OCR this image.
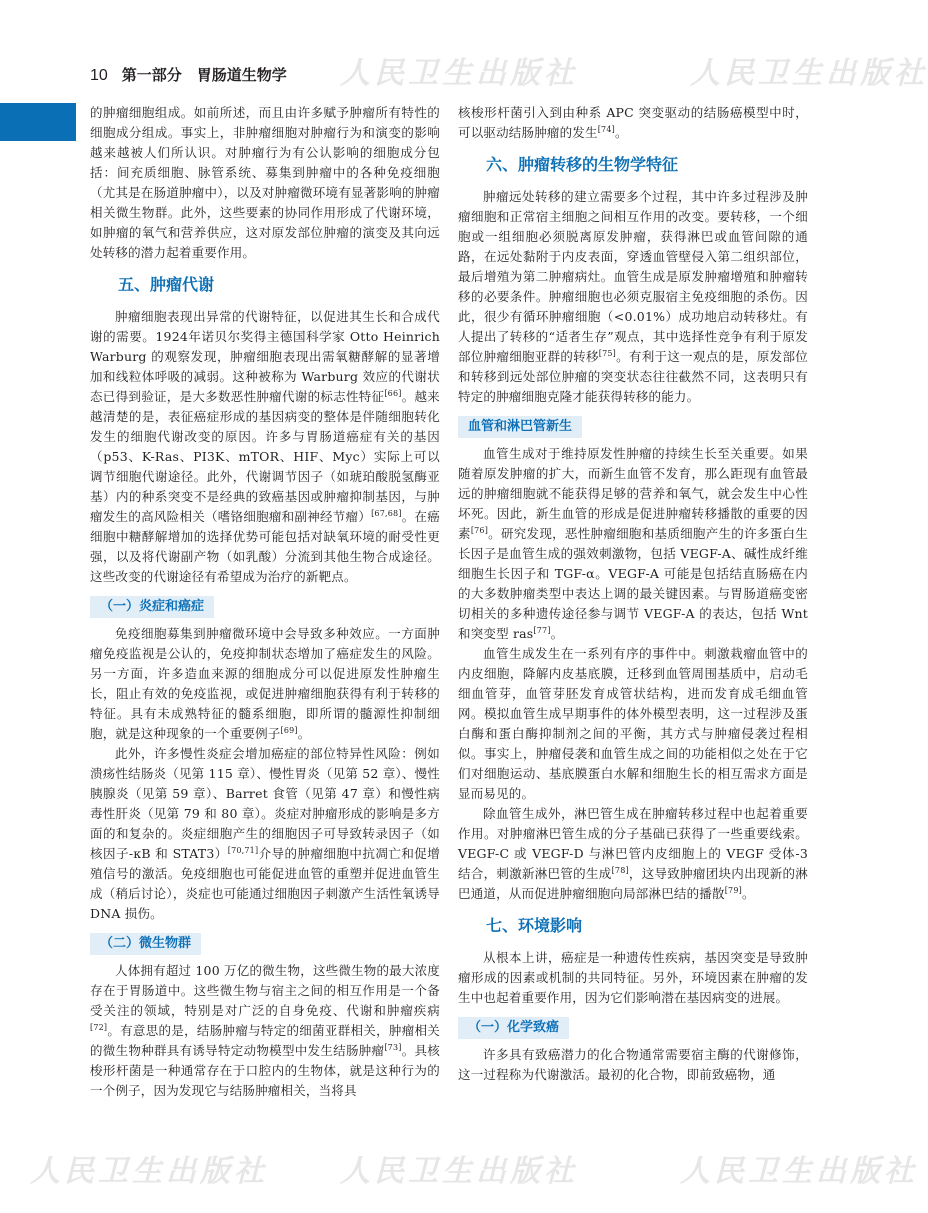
10 第一部分　胃肠道生物学 人民卫生出版社	人民卫生出版社
人民卫生出版社 人民卫生出版社	人民卫生出版社

的肿瘤细胞组成。如前所述，而且由许多赋予肿瘤所有特性的细胞成分组成。事实上，非肿瘤细胞对肿瘤行为和演变的影响越来越被人们所认识。对肿瘤行为有公认影响的细胞成分包括：间充质细胞、脉管系统、募集到肿瘤中的各种免疫细胞（尤其是在肠道肿瘤中），以及对肿瘤微环境有显著影响的肿瘤相关微生物群。此外，这些要素的协同作用形成了代谢环境，如肿瘤的氧气和营养供应，这对原发部位肿瘤的演变及其向远处转移的潜力起着重要作用。

五、肿瘤代谢

肿瘤细胞表现出异常的代谢特征，以促进其生长和合成代谢的需要。1924年诺贝尔奖得主德国科学家 Otto Heinrich Warburg 的观察发现，肿瘤细胞表现出需氧糖酵解的显著增加和线粒体呼吸的减弱。这种被称为 Warburg 效应的代谢状态已得到验证，是大多数恶性肿瘤代谢的标志性特征[66]。越来越清楚的是，表征癌症形成的基因病变的整体是伴随细胞转化发生的细胞代谢改变的原因。许多与胃肠道癌症有关的基因（p53、K-Ras、PI3K、mTOR、HIF、Myc）实际上可以调节细胞代谢途径。此外，代谢调节因子（如琥珀酸脱氢酶亚基）内的种系突变不是经典的致癌基因或肿瘤抑制基因，与肿瘤发生的高风险相关（嗜铬细胞瘤和副神经节瘤）[67,68]。在癌细胞中糖酵解增加的选择优势可能包括对缺氧环境的耐受性更强，以及将代谢副产物（如乳酸）分流到其他生物合成途径。这些改变的代谢途径有希望成为治疗的新靶点。

（一）炎症和癌症

免疫细胞募集到肿瘤微环境中会导致多种效应。一方面肿瘤免疫监视是公认的，免疫抑制状态增加了癌症发生的风险。另一方面，许多造血来源的细胞成分可以促进原发性肿瘤生长，阻止有效的免疫监视，或促进肿瘤细胞获得有利于转移的特征。具有未成熟特征的髓系细胞，即所谓的髓源性抑制细胞，就是这种现象的一个重要例子[69]。

此外，许多慢性炎症会增加癌症的部位特异性风险：例如溃疡性结肠炎（见第 115 章）、慢性胃炎（见第 52 章）、慢性胰腺炎（见第 59 章）、Barret 食管（见第 47 章）和慢性病毒性肝炎（见第 79 和 80 章）。炎症对肿瘤形成的影响是多方面的和复杂的。炎症细胞产生的细胞因子可导致转录因子（如核因子-κB 和 STAT3）[70,71]介导的肿瘤细胞中抗凋亡和促增殖信号的激活。免疫细胞也可能促进血管的重塑并促进血管生成（稍后讨论），炎症也可能通过细胞因子刺激产生活性氧诱导DNA 损伤。

（二）微生物群

人体拥有超过 100 万亿的微生物，这些微生物的最大浓度存在于胃肠道中。这些微生物与宿主之间的相互作用是一个备受关注的领域，特别是对广泛的自身免疫、代谢和肿瘤疾病[72]。有意思的是，结肠肿瘤与特定的细菌亚群相关，肿瘤相关的微生物种群具有诱导特定动物模型中发生结肠肿瘤[73]。具核梭形杆菌是一种通常存在于口腔内的生物体，就是这种行为的一个例子，因为发现它与结肠肿瘤相关，当将具

核梭形杆菌引入到由种系 APC 突变驱动的结肠癌模型中时，可以驱动结肠肿瘤的发生[74]。

六、肿瘤转移的生物学特征

肿瘤远处转移的建立需要多个过程，其中许多过程涉及肿瘤细胞和正常宿主细胞之间相互作用的改变。要转移，一个细胞或一组细胞必须脱离原发肿瘤，获得淋巴或血管间隙的通路，在远处黏附于内皮表面，穿透血管壁侵入第二组织部位，最后增殖为第二肿瘤病灶。血管生成是原发肿瘤增殖和肿瘤转移的必要条件。肿瘤细胞也必须克服宿主免疫细胞的杀伤。因此，很少有循环肿瘤细胞（<0.01%）成功地启动转移灶。有人提出了转移的“适者生存”观点，其中选择性竞争有利于原发部位肿瘤细胞亚群的转移[75]。有利于这一观点的是，原发部位和转移到远处部位肿瘤的突变状态往往截然不同，这表明只有特定的肿瘤细胞克隆才能获得转移的能力。

血管和淋巴管新生

血管生成对于维持原发性肿瘤的持续生长至关重要。如果随着原发肿瘤的扩大，而新生血管不发育，那么距现有血管最远的肿瘤细胞就不能获得足够的营养和氧气，就会发生中心性坏死。因此，新生血管的形成是促进肿瘤转移播散的重要的因素[76]。研究发现，恶性肿瘤细胞和基质细胞产生的许多蛋白生长因子是血管生成的强效刺激物，包括 VEGF-A、碱性成纤维细胞生长因子和 TGF-α。VEGF-A 可能是包括结直肠癌在内的大多数肿瘤类型中表达上调的最关键因素。与胃肠道癌变密切相关的多种遗传途径参与调节 VEGF-A 的表达，包括 Wnt 和突变型 ras[77]。

血管生成发生在一系列有序的事件中。刺激栽瘤血管中的内皮细胞，降解内皮基底膜，迁移到血管周围基质中，启动毛细血管芽，血管芽胚发育成管状结构，进而发育成毛细血管网。模拟血管生成早期事件的体外模型表明，这一过程涉及蛋白酶和蛋白酶抑制剂之间的平衡，其方式与肿瘤侵袭过程相似。事实上，肿瘤侵袭和血管生成之间的功能相似之处在于它们对细胞运动、基底膜蛋白水解和细胞生长的相互需求方面是显而易见的。

除血管生成外，淋巴管生成在肿瘤转移过程中也起着重要作用。对肿瘤淋巴管生成的分子基础已获得了一些重要线索。VEGF-C 或 VEGF-D 与淋巴管内皮细胞上的 VEGF 受体-3 结合，刺激新淋巴管的生成[78]，这导致肿瘤团块内出现新的淋巴通道，从而促进肿瘤细胞向局部淋巴结的播散[79]。

七、环境影响

从根本上讲，癌症是一种遗传性疾病，基因突变是导致肿瘤形成的因素或机制的共同特征。另外，环境因素在肿瘤的发生中也起着重要作用，因为它们影响潜在基因病变的进展。

（一）化学致癌

许多具有致癌潜力的化合物通常需要宿主酶的代谢修饰，这一过程称为代谢激活。最初的化合物，即前致癌物，通
